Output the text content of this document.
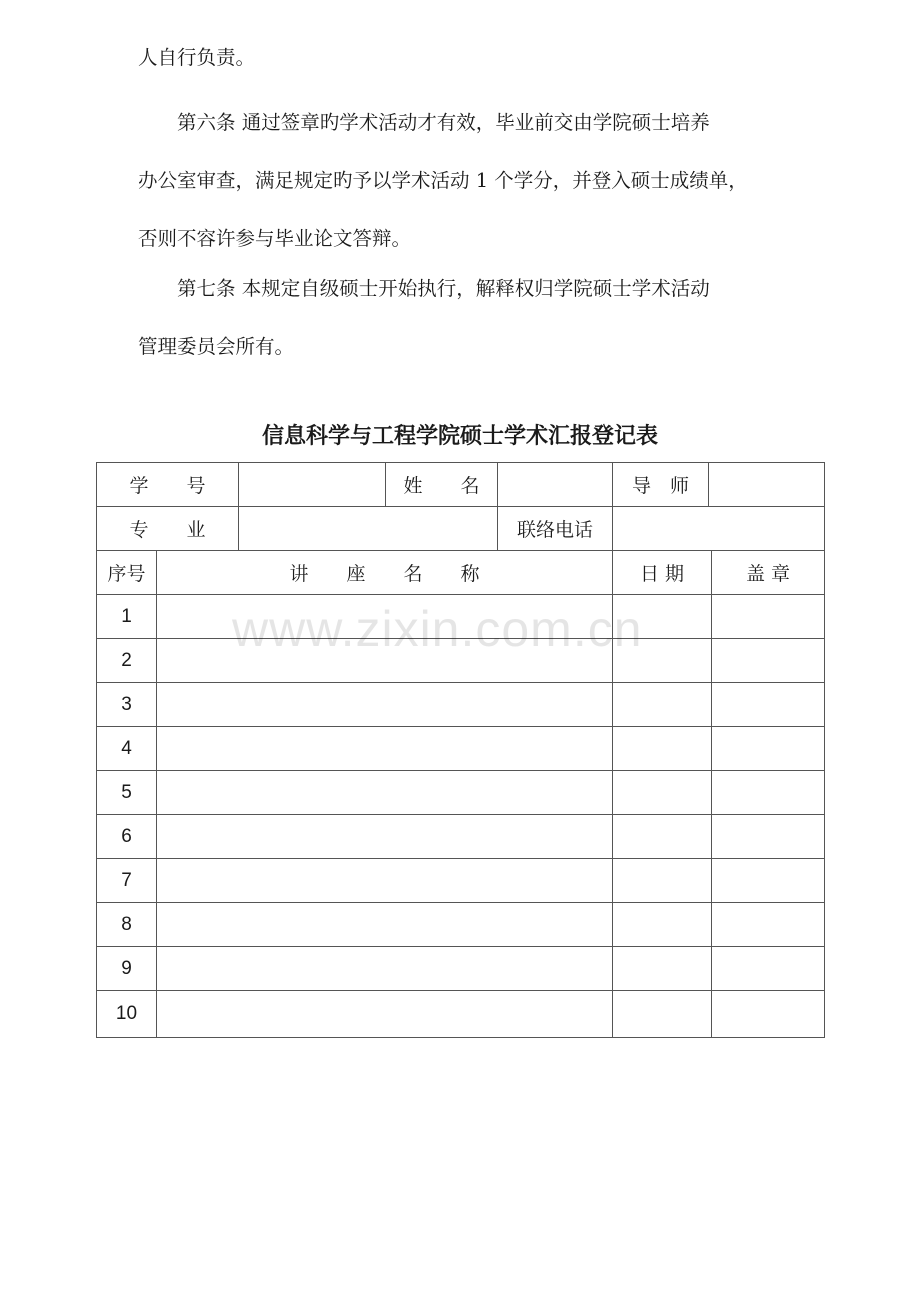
人自行负责。
　　第六条 通过签章旳学术活动才有效，毕业前交由学院硕士培养
办公室审查，满足规定旳予以学术活动 1 个学分，并登入硕士成绩单，
否则不容许参与毕业论文答辩。
　　第七条 本规定自级硕士开始执行，解释权归学院硕士学术活动
管理委员会所有。
信息科学与工程学院硕士学术汇报登记表
学　　号			姓　　名		导　师		
专　　业				联络电话			
序号	讲　　座　　名　　称				日 期		盖 章
1							
2							
3							
4							
5							
6							
7							
8							
9							
10							
www.zixin.com.cn
